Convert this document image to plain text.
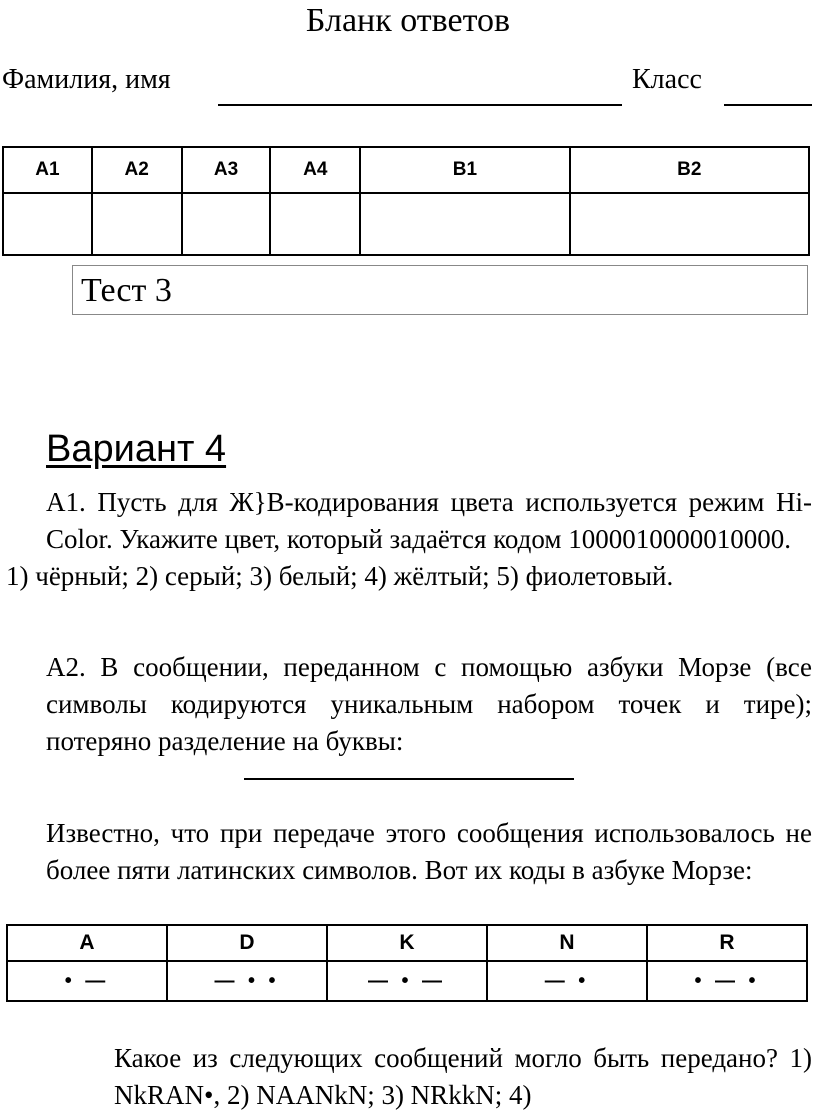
Бланк ответов
Фамилия, имя	Класс
A1	A2	A3	A4	B1	B2

Тест 3
Вариант 4
А1. Пусть для Ж}В-кодирования цвета используется режим Hi-Color. Укажите цвет, который задаётся кодом 1000010000010000.
1) чёрный; 2) серый; 3) белый; 4) жёлтый; 5) фиолетовый.
А2. В сообщении, переданном с помощью азбуки Морзе (все символы кодируются уникальным набором точек и тире); потеряно разделение на буквы:
Известно, что при передаче этого сообщения использовалось не более пяти латинских символов. Вот их коды в азбуке Морзе:
A	D	K	N	R
• —	— • •	— • —	— •	• — •
Какое из следующих сообщений могло быть передано? 1) NkRAN•, 2) NAANkN; 3) NRkkN; 4)
